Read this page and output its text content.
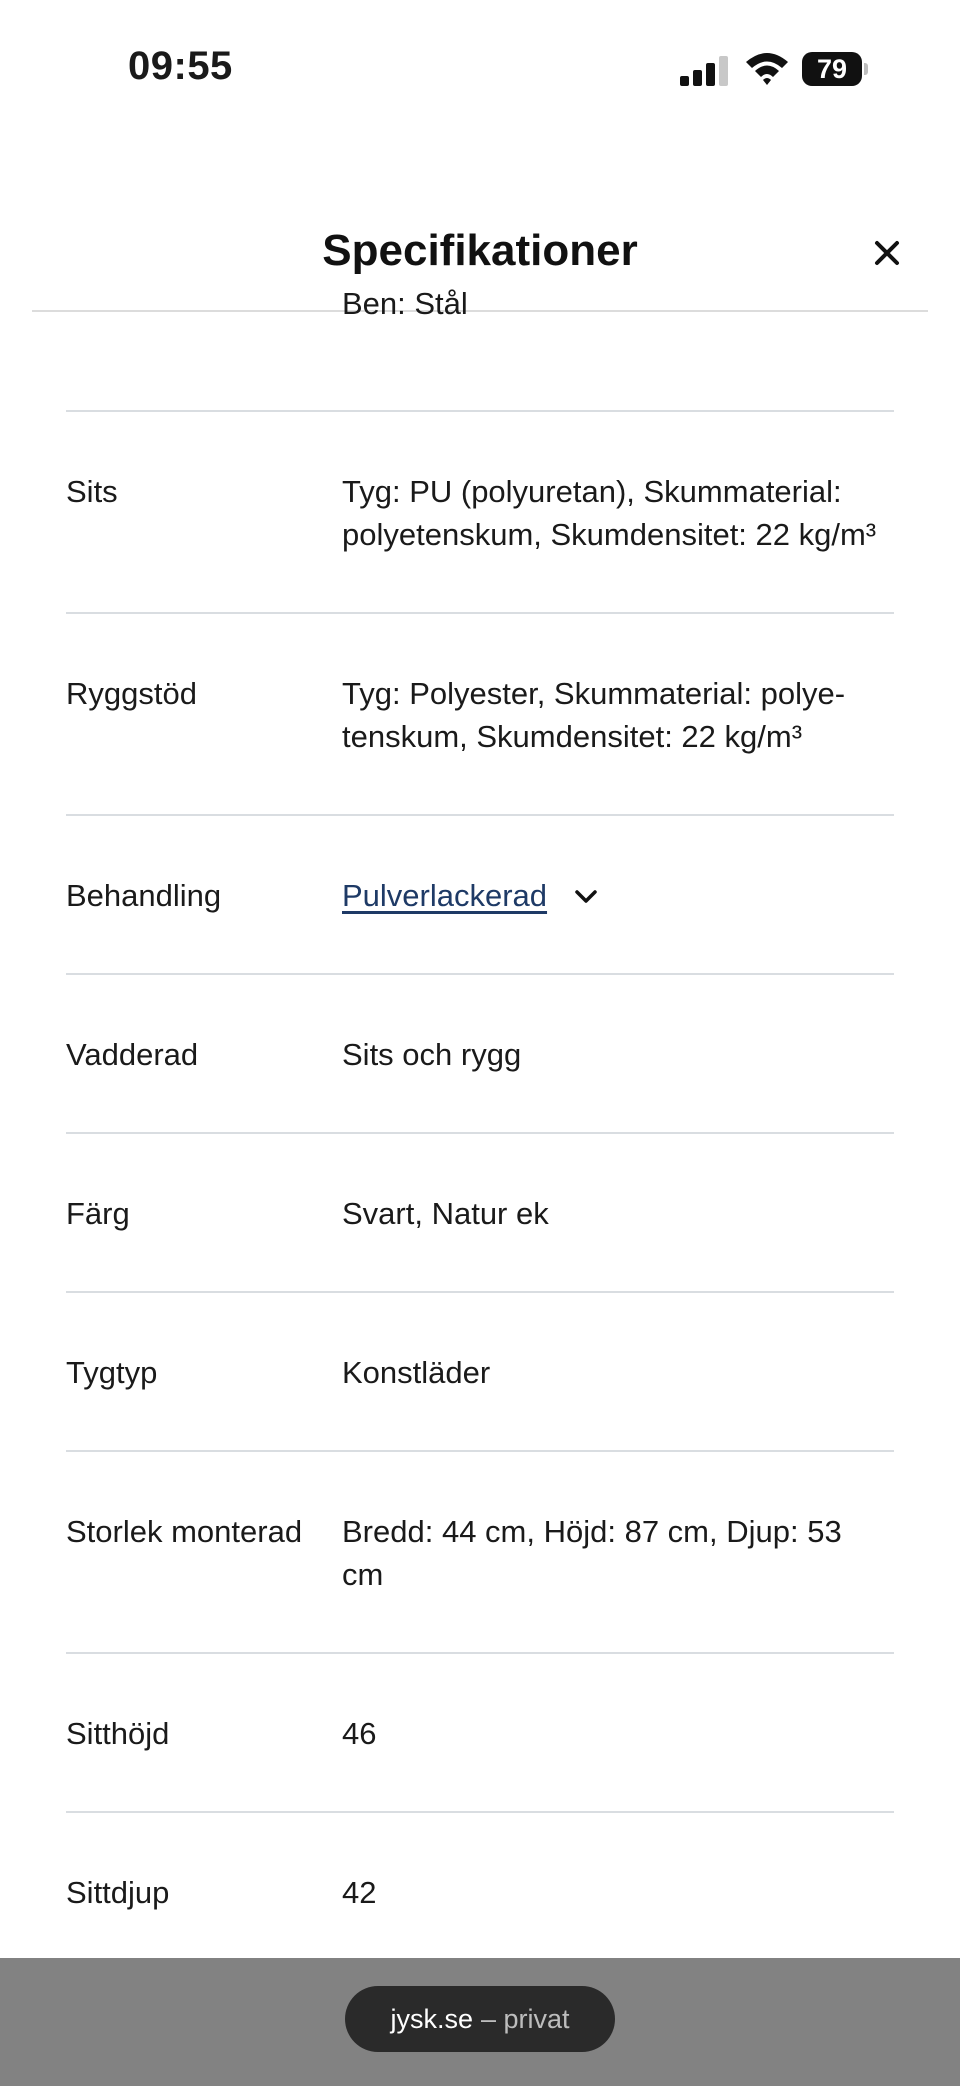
09:55	79
Specifikationer
Ben: Stål
Sits	Tyg: PU (polyuretan), Skummaterial: polyetenskum, Skumdensitet: 22 kg/m³
Ryggstöd	Tyg: Polyester, Skummaterial: polye-tenskum, Skumdensitet: 22 kg/m³
Behandling	Pulverlackerad
Vadderad	Sits och rygg
Färg	Svart, Natur ek
Tygtyp	Konstläder
Storlek monterad	Bredd: 44 cm, Höjd: 87 cm, Djup: 53 cm
Sitthöjd	46
Sittdjup	42
jysk.se – privat
